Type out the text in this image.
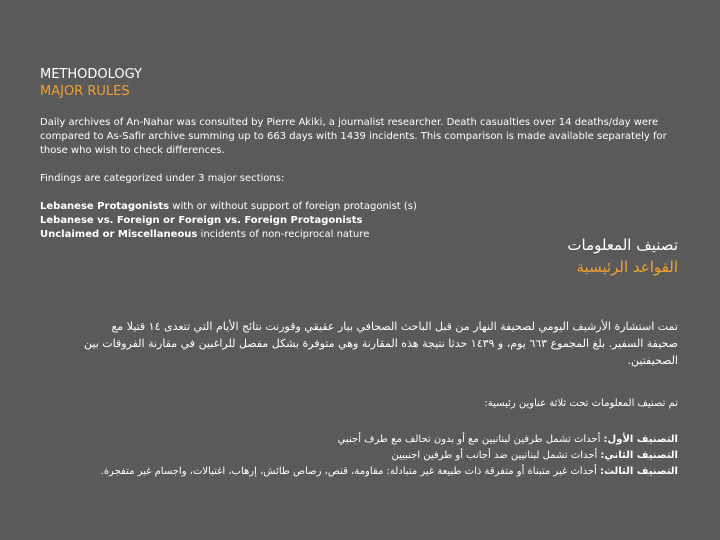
METHODOLOGY
MAJOR RULES
Daily archives of An-Nahar was consulted by Pierre Akiki, a journalist researcher. Death casualties over 14 deaths/day were compared to As-Safir archive summing up to 663 days with 1439 incidents. This comparison is made available separately for those who wish to check differences.
Findings are categorized under 3 major sections:
Lebanese Protagonists with or without support of foreign protagonist (s)
Lebanese vs. Foreign or Foreign vs. Foreign Protagonists
Unclaimed or Miscellaneous incidents of non-reciprocal nature
تصنيف المعلومات
القواعد الرئيسية
تمت استشارة الأرشيف اليومي لصحيفة النهار من قبل الباحث الصحافي بيار عقيقي وقورنت نتائج الأيام التي تتعدى ١٤ قتيلا مع صحيفة السفير. بلغ المجموع ٦٦٣ يوم، و ١٤٣٩ حدثا نتيجة هذه المقارنة وهي متوفرة بشكل مفصل للراغبين في مقارنة الفروقات بين الصحيفتين.
تم تصنيف المعلومات تحت ثلاثة عناوين رئيسية:
التصنيف الأول: أحداث تشمل طرفين لبنانيين مع أو بدون تحالف مع طرف أجنبي
التصنيف الثاني: أحداث تشمل لبنانيين ضد أجانب أو طرفين اجنبيين
التصنيف الثالث: أحداث غير متبناة أو متفرقة ذات طبيعة غير متبادلة: مقاومة، قنص، رصاص طائش، إرهاب، اغتيالات، واجسام غير متفجرة.
